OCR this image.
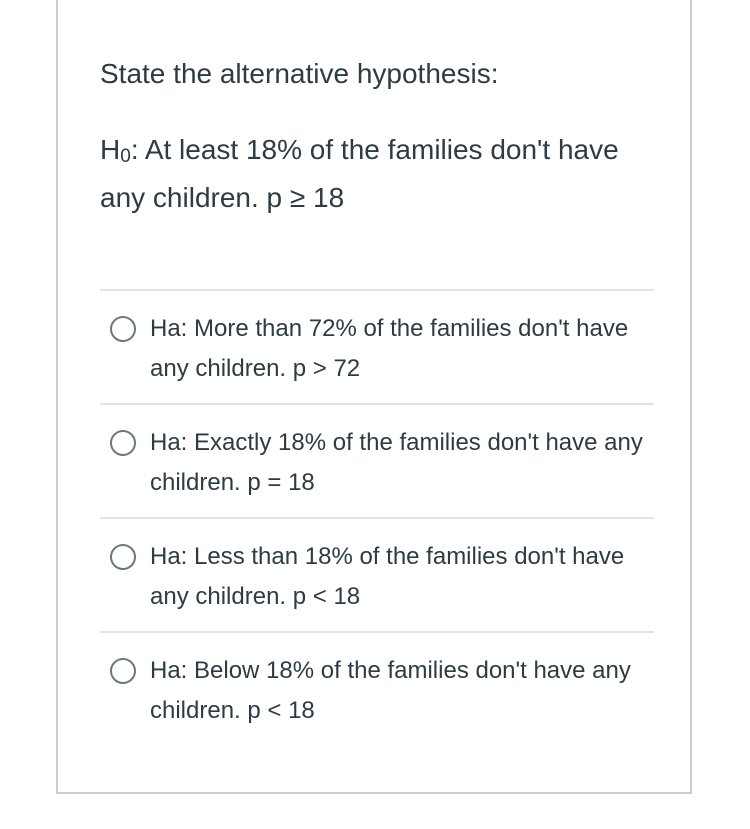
State the alternative hypothesis:

$H_0$: At least 18% of the families don't have any children. p ≥ 18

Ha: More than 72% of the families don't have any children. p > 72
Ha: Exactly 18% of the families don't have any children. p = 18
Ha: Less than 18% of the families don't have any children. p < 18
Ha: Below 18% of the families don't have any children. p < 18
